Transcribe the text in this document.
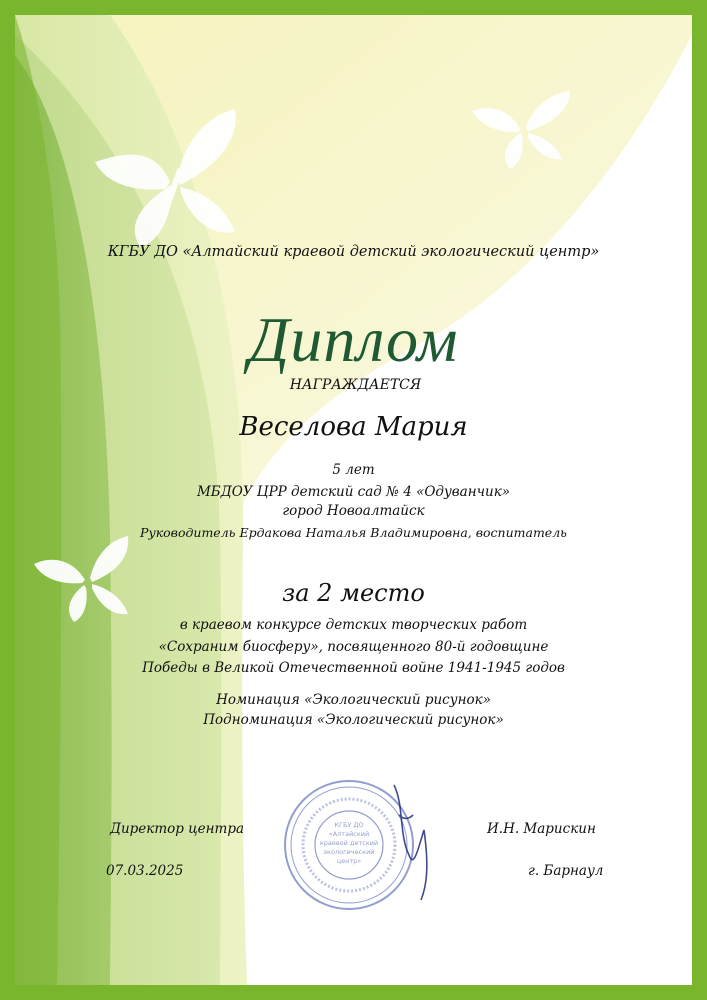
КГБУ ДО «Алтайский краевой детский экологический центр»
Диплом
НАГРАЖДАЕТСЯ
Веселова Мария
5 лет
МБДОУ ЦРР детский сад № 4 «Одуванчик»
город Новоалтайск
Руководитель Ердакова Наталья Владимировна, воспитатель
за 2 место
в краевом конкурсе детских творческих работ
«Сохраним биосферу», посвященного 80-й годовщине
Победы в Великой Отечественной войне 1941-1945 годов
Номинация «Экологический рисунок»
Подноминация «Экологический рисунок»
КГБУ ДО
«Алтайский
краевой детский
экологический
центр»
Директор центра	И.Н. Марискин
07.03.2025	г. Барнаул
